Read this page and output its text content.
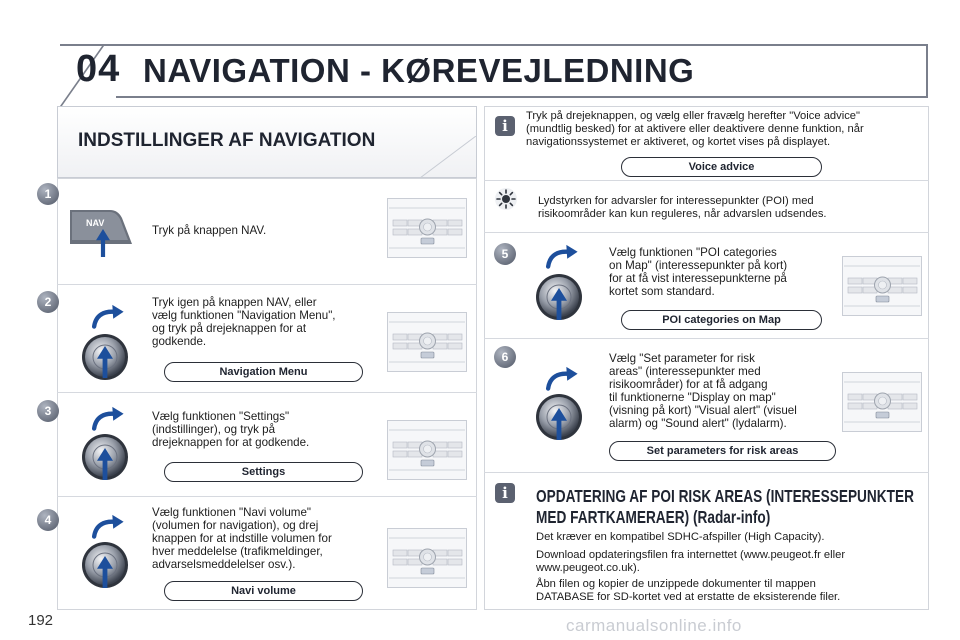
04 NAVIGATION - KØREVEJLEDNING
INDSTILLINGER AF NAVIGATION
1
NAV
Tryk på knappen NAV.
2	Tryk igen på knappen NAV, eller
vælg funktionen "Navigation Menu",
og tryk på drejeknappen for at
godkende.
Navigation Menu
3	Vælg funktionen "Settings"
(indstillinger), og tryk på
drejeknappen for at godkende.
Settings
4
Vælg funktionen "Navi volume"
(volumen for navigation), og drej
knappen for at indstille volumen for
hver meddelelse (trafikmeldinger,
advarselsmeddelelser osv.).
Navi volume
i
Tryk på drejeknappen, og vælg eller fravælg herefter "Voice advice"
(mundtlig besked) for at aktivere eller deaktivere denne funktion, når
navigationssystemet er aktiveret, og kortet vises på displayet.
Voice advice
Lydstyrken for advarsler for interessepunkter (POI) med
risikoområder kan kun reguleres, når advarslen udsendes.
5	Vælg funktionen "POI categories
on Map" (interessepunkter på kort)
for at få vist interessepunkterne på
kortet som standard.
POI categories on Map
6	Vælg "Set parameter for risk
areas" (interessepunkter med
risikoområder) for at få adgang
til funktionerne "Display on map"
(visning på kort) "Visual alert" (visuel
alarm) og "Sound alert" (lydalarm).
Set parameters for risk areas
i	OPDATERING AF POI RISK AREAS (INTERESSEPUNKTER MED FARTKAMERAER) (Radar-info)
Det kræver en kompatibel SDHC-afspiller (High Capacity).
Download opdateringsfilen fra internettet (www.peugeot.fr eller
www.peugeot.co.uk).
Åbn filen og kopier de unzippede dokumenter til mappen
DATABASE for SD-kortet ved at erstatte de eksisterende filer.
192	carmanualsonline.info
